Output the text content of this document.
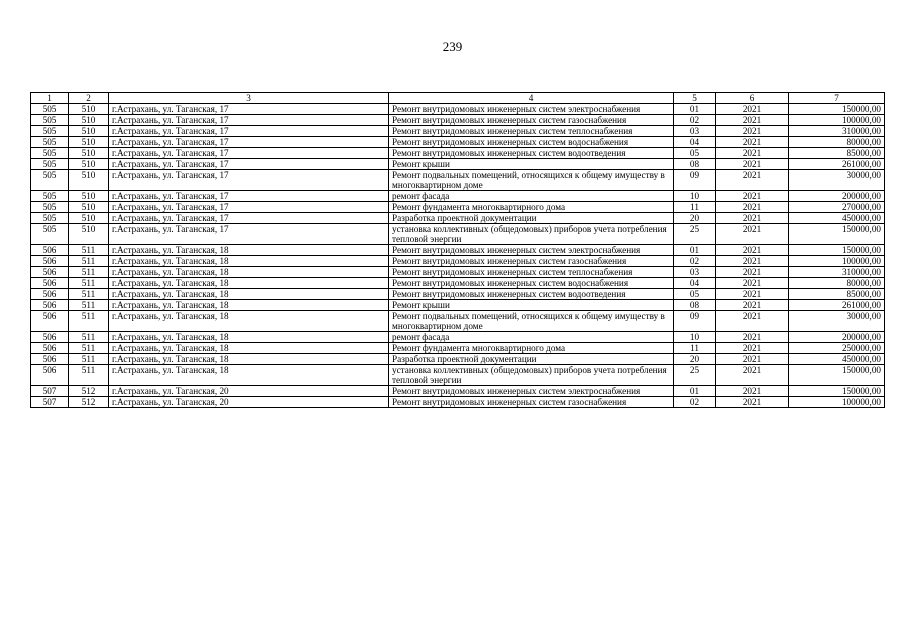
239
1	2	3	4	5	6	7
505	510	г.Астрахань, ул. Таганская, 17	Ремонт внутридомовых инженерных систем электроснабжения	01	2021	150000,00
505	510	г.Астрахань, ул. Таганская, 17	Ремонт внутридомовых инженерных систем газоснабжения	02	2021	100000,00
505	510	г.Астрахань, ул. Таганская, 17	Ремонт внутридомовых инженерных систем теплоснабжения	03	2021	310000,00
505	510	г.Астрахань, ул. Таганская, 17	Ремонт внутридомовых инженерных систем водоснабжения	04	2021	80000,00
505	510	г.Астрахань, ул. Таганская, 17	Ремонт внутридомовых инженерных систем водоотведения	05	2021	85000,00
505	510	г.Астрахань, ул. Таганская, 17	Ремонт крыши	08	2021	261000,00
505	510	г.Астрахань, ул. Таганская, 17	Ремонт подвальных помещений, относящихся к общему имуществу в многоквартирном доме	09	2021	30000,00
505	510	г.Астрахань, ул. Таганская, 17	ремонт фасада	10	2021	200000,00
505	510	г.Астрахань, ул. Таганская, 17	Ремонт фундамента многоквартирного дома	11	2021	270000,00
505	510	г.Астрахань, ул. Таганская, 17	Разработка проектной документации	20	2021	450000,00
505	510	г.Астрахань, ул. Таганская, 17	установка коллективных (общедомовых) приборов учета потребления тепловой энергии	25	2021	150000,00
506	511	г.Астрахань, ул. Таганская, 18	Ремонт внутридомовых инженерных систем электроснабжения	01	2021	150000,00
506	511	г.Астрахань, ул. Таганская, 18	Ремонт внутридомовых инженерных систем газоснабжения	02	2021	100000,00
506	511	г.Астрахань, ул. Таганская, 18	Ремонт внутридомовых инженерных систем теплоснабжения	03	2021	310000,00
506	511	г.Астрахань, ул. Таганская, 18	Ремонт внутридомовых инженерных систем водоснабжения	04	2021	80000,00
506	511	г.Астрахань, ул. Таганская, 18	Ремонт внутридомовых инженерных систем водоотведения	05	2021	85000,00
506	511	г.Астрахань, ул. Таганская, 18	Ремонт крыши	08	2021	261000,00
506	511	г.Астрахань, ул. Таганская, 18	Ремонт подвальных помещений, относящихся к общему имуществу в многоквартирном доме	09	2021	30000,00
506	511	г.Астрахань, ул. Таганская, 18	ремонт фасада	10	2021	200000,00
506	511	г.Астрахань, ул. Таганская, 18	Ремонт фундамента многоквартирного дома	11	2021	250000,00
506	511	г.Астрахань, ул. Таганская, 18	Разработка проектной документации	20	2021	450000,00
506	511	г.Астрахань, ул. Таганская, 18	установка коллективных (общедомовых) приборов учета потребления тепловой энергии	25	2021	150000,00
507	512	г.Астрахань, ул. Таганская, 20	Ремонт внутридомовых инженерных систем электроснабжения	01	2021	150000,00
507	512	г.Астрахань, ул. Таганская, 20	Ремонт внутридомовых инженерных систем газоснабжения	02	2021	100000,00
